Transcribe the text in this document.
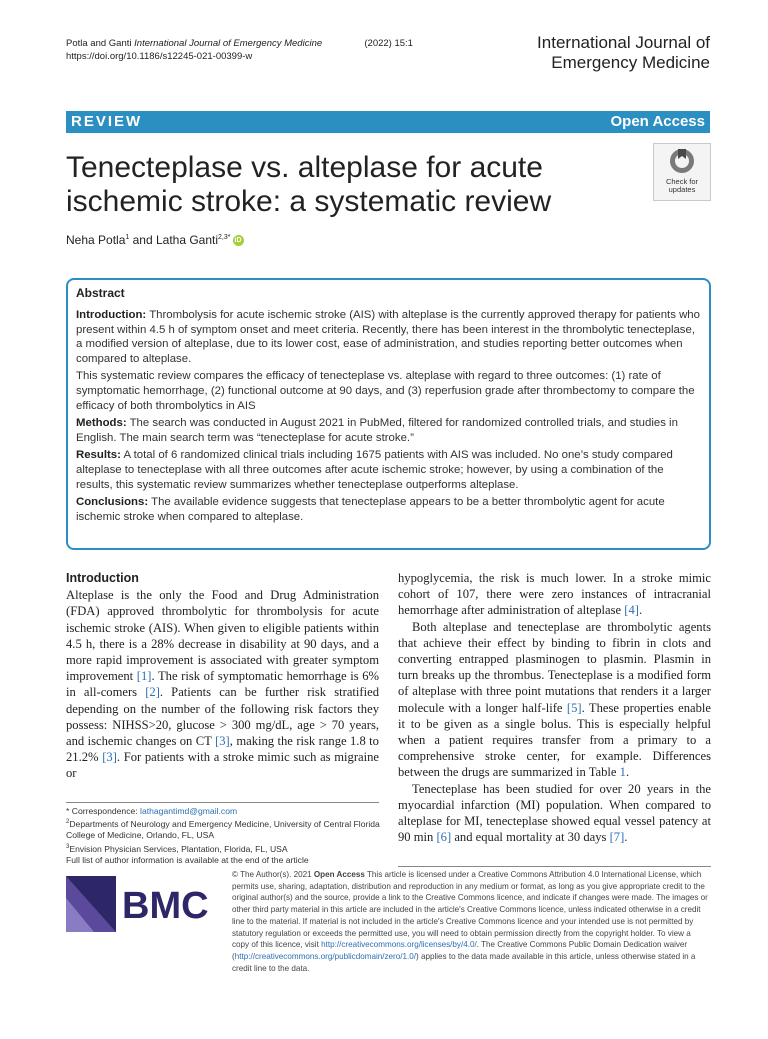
Potla and Ganti International Journal of Emergency Medicine	(2022) 15:1
https://doi.org/10.1186/s12245-021-00399-w
International Journal of
Emergency Medicine
REVIEW	Open Access
Tenecteplase vs. alteplase for acute
ischemic stroke: a systematic review
Check for
updates
Neha Potla$^1$ and Latha Ganti$^{2,3*}$ iD
Abstract

Introduction: Thrombolysis for acute ischemic stroke (AIS) with alteplase is the currently approved therapy for patients who present within 4.5 h of symptom onset and meet criteria. Recently, there has been interest in the thrombolytic tenecteplase, a modified version of alteplase, due to its lower cost, ease of administration, and studies reporting better outcomes when compared to alteplase.

This systematic review compares the efficacy of tenecteplase vs. alteplase with regard to three outcomes: (1) rate of symptomatic hemorrhage, (2) functional outcome at 90 days, and (3) reperfusion grade after thrombectomy to compare the efficacy of both thrombolytics in AIS

Methods: The search was conducted in August 2021 in PubMed, filtered for randomized controlled trials, and studies in English. The main search term was “tenecteplase for acute stroke.”

Results: A total of 6 randomized clinical trials including 1675 patients with AIS was included. No one’s study compared alteplase to tenecteplase with all three outcomes after acute ischemic stroke; however, by using a combination of the results, this systematic review summarizes whether tenecteplase outperforms alteplase.

Conclusions: The available evidence suggests that tenecteplase appears to be a better thrombolytic agent for acute ischemic stroke when compared to alteplase.

Introduction

Alteplase is the only the Food and Drug Administration (FDA) approved thrombolytic for thrombolysis for acute ischemic stroke (AIS). When given to eligible patients within 4.5 h, there is a 28% decrease in disability at 90 days, and a more rapid improvement is associated with greater symptom improvement [1]. The risk of symptomatic hemorrhage is 6% in all-comers [2]. Patients can be further risk stratified depending on the number of the following risk factors they possess: NIHSS>20, glucose > 300 mg/dL, age > 70 years, and ischemic changes on CT [3], making the risk range 1.8 to 21.2% [3]. For patients with a stroke mimic such as migraine or

hypoglycemia, the risk is much lower. In a stroke mimic cohort of 107, there were zero instances of intracranial hemorrhage after administration of alteplase [4].

Both alteplase and tenecteplase are thrombolytic agents that achieve their effect by binding to fibrin in clots and converting entrapped plasminogen to plasmin. Plasmin in turn breaks up the thrombus. Tenecteplase is a modified form of alteplase with three point mutations that renders it a larger molecule with a longer half-life [5]. These properties enable it to be given as a single bolus. This is especially helpful when a patient requires transfer from a primary to a comprehensive stroke center, for example. Differences between the drugs are summarized in Table 1.

Tenecteplase has been studied for over 20 years in the myocardial infarction (MI) population. When compared to alteplase for MI, tenecteplase showed equal vessel patency at 90 min [6] and equal mortality at 30 days [7].

* Correspondence: lathagantimd@gmail.com
$^2$Departments of Neurology and Emergency Medicine, University of Central Florida College of Medicine, Orlando, FL, USA
$^3$Envision Physician Services, Plantation, Florida, FL, USA
Full list of author information is available at the end of the article
BMC
© The Author(s). 2021 Open Access This article is licensed under a Creative Commons Attribution 4.0 International License, which permits use, sharing, adaptation, distribution and reproduction in any medium or format, as long as you give appropriate credit to the original author(s) and the source, provide a link to the Creative Commons licence, and indicate if changes were made. The images or other third party material in this article are included in the article's Creative Commons licence, unless indicated otherwise in a credit line to the material. If material is not included in the article's Creative Commons licence and your intended use is not permitted by statutory regulation or exceeds the permitted use, you will need to obtain permission directly from the copyright holder. To view a copy of this licence, visit http://creativecommons.org/licenses/by/4.0/. The Creative Commons Public Domain Dedication waiver (http://creativecommons.org/publicdomain/zero/1.0/) applies to the data made available in this article, unless otherwise stated in a credit line to the data.
